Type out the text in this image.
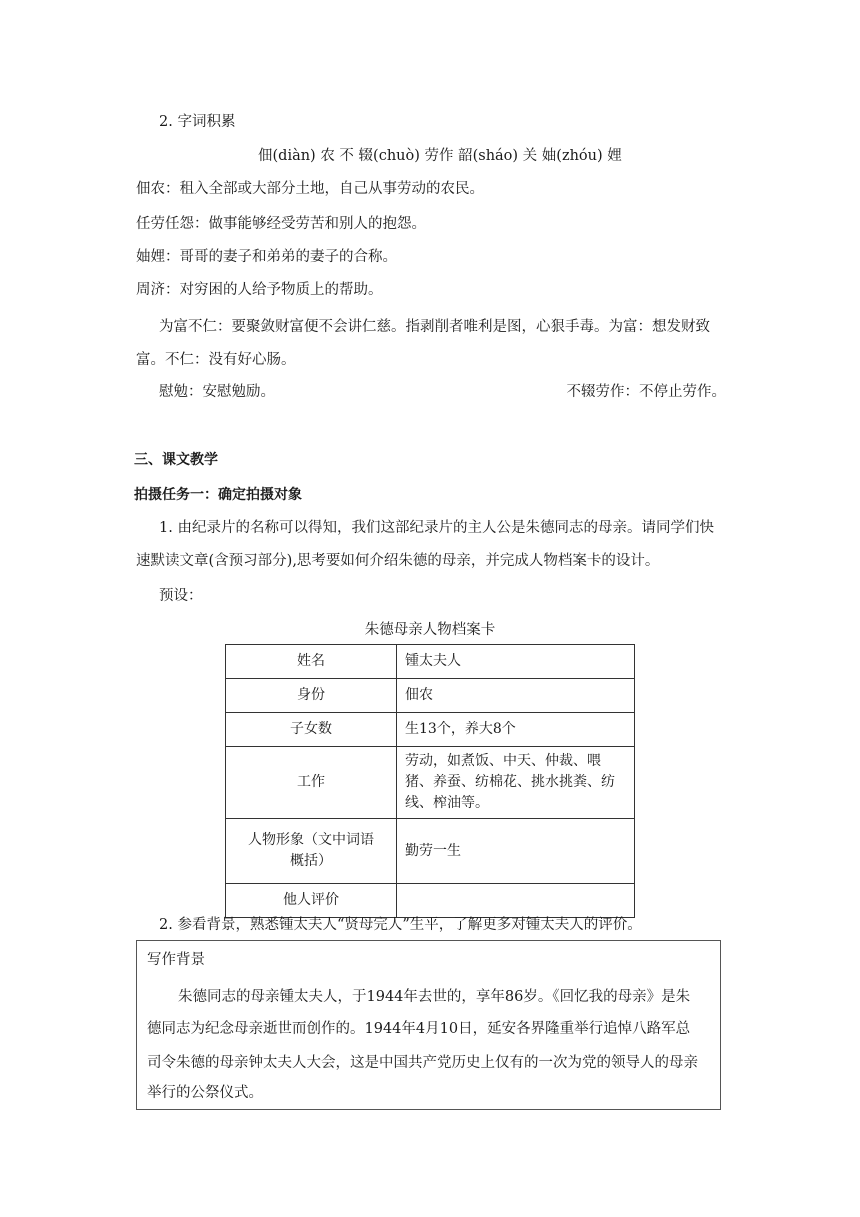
2. 字词积累
佃(diàn) 农 不 辍(chuò) 劳作 韶(sháo) 关 妯(zhóu) 娌
佃农：租入全部或大部分土地，自己从事劳动的农民。
任劳任怨：做事能够经受劳苦和别人的抱怨。
妯娌：哥哥的妻子和弟弟的妻子的合称。
周济：对穷困的人给予物质上的帮助。
为富不仁：要聚敛财富便不会讲仁慈。指剥削者唯利是图，心狠手毒。为富：想发财致
富。不仁：没有好心肠。
慰勉：安慰勉励。	不辍劳作：不停止劳作。
三、课文教学
拍摄任务一：确定拍摄对象
1. 由纪录片的名称可以得知，我们这部纪录片的主人公是朱德同志的母亲。请同学们快
速默读文章(含预习部分),思考要如何介绍朱德的母亲，并完成人物档案卡的设计。
预设：
朱德母亲人物档案卡
姓名	锺太夫人
身份	佃农
子女数	生13个，养大8个
工作	劳动，如煮饭、中天、仲裁、喂猪、养蚕、纺棉花、挑水挑粪、纺线、榨油等。
人物形象（文中词语概括）	勤劳一生
他人评价	
2. 参看背景，熟悉锺太夫人“贤母完人”生平，了解更多对锺太夫人的评价。
写作背景
朱德同志的母亲锺太夫人，于1944年去世的，享年86岁。《回忆我的母亲》是朱
德同志为纪念母亲逝世而创作的。1944年4月10日，延安各界隆重举行追悼八路军总
司令朱德的母亲钟太夫人大会，这是中国共产党历史上仅有的一次为党的领导人的母亲
举行的公祭仪式。
